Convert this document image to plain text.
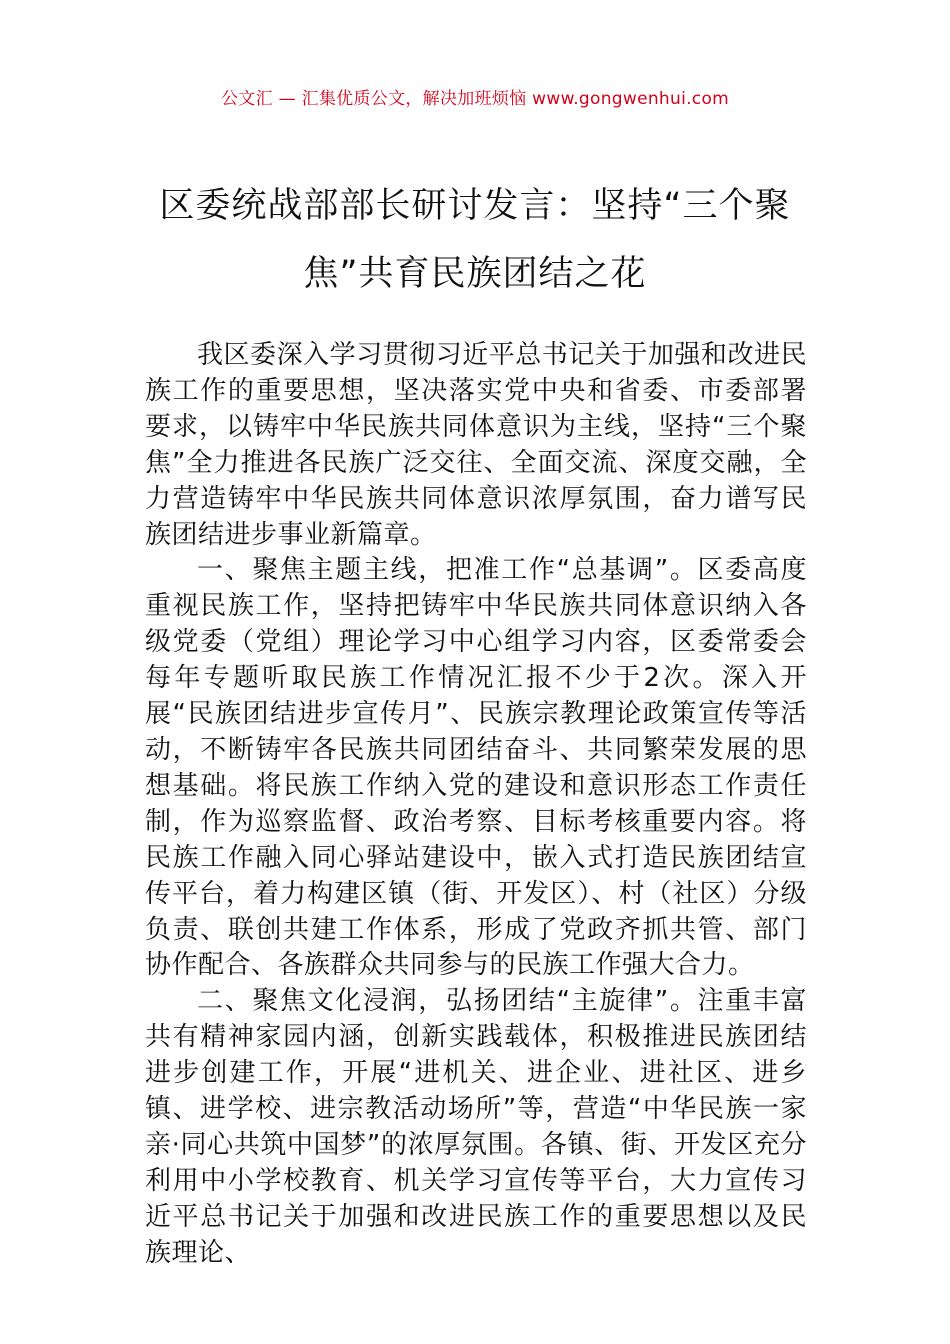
公文汇 — 汇集优质公文，解决加班烦恼 www.gongwenhui.com
区委统战部部长研讨发言：坚持“三个聚焦”共育民族团结之花

我区委深入学习贯彻习近平总书记关于加强和改进民族工作的重要思想，坚决落实党中央和省委、市委部署要求，以铸牢中华民族共同体意识为主线，坚持“三个聚焦”全力推进各民族广泛交往、全面交流、深度交融，全力营造铸牢中华民族共同体意识浓厚氛围，奋力谱写民族团结进步事业新篇章。

一、聚焦主题主线，把准工作“总基调”。区委高度重视民族工作，坚持把铸牢中华民族共同体意识纳入各级党委（党组）理论学习中心组学习内容，区委常委会每年专题听取民族工作情况汇报不少于2次。深入开展“民族团结进步宣传月”、民族宗教理论政策宣传等活动，不断铸牢各民族共同团结奋斗、共同繁荣发展的思想基础。将民族工作纳入党的建设和意识形态工作责任制，作为巡察监督、政治考察、目标考核重要内容。将民族工作融入同心驿站建设中，嵌入式打造民族团结宣传平台，着力构建区镇（街、开发区）、村（社区）分级负责、联创共建工作体系，形成了党政齐抓共管、部门协作配合、各族群众共同参与的民族工作强大合力。

二、聚焦文化浸润，弘扬团结“主旋律”。注重丰富共有精神家园内涵，创新实践载体，积极推进民族团结进步创建工作，开展“进机关、进企业、进社区、进乡镇、进学校、进宗教活动场所”等，营造“中华民族一家亲·同心共筑中国梦”的浓厚氛围。各镇、街、开发区充分利用中小学校教育、机关学习宣传等平台，大力宣传习近平总书记关于加强和改进民族工作的重要思想以及民族理论、
